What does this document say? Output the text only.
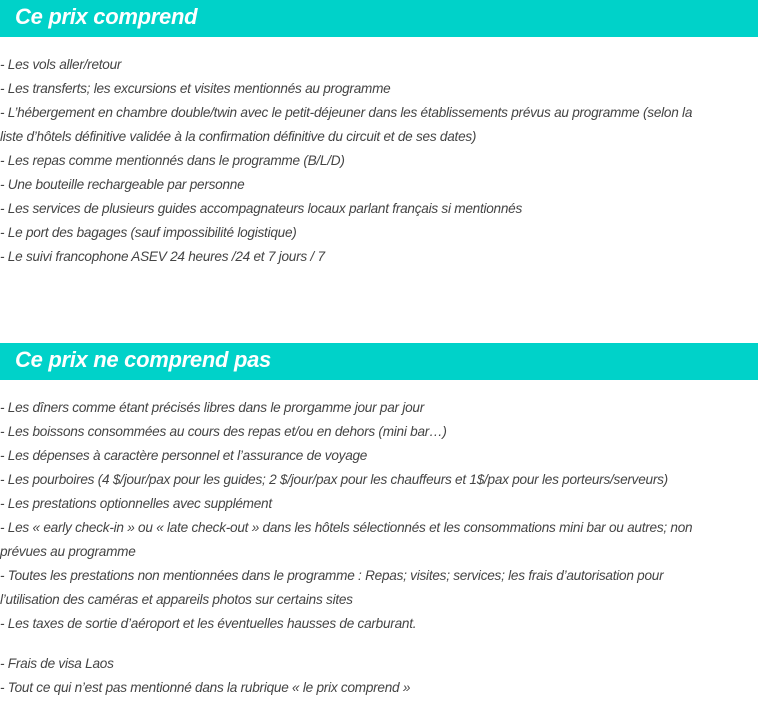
Ce prix comprend
- Les vols aller/retour
- Les transferts; les excursions et visites mentionnés au programme
- L’hébergement en chambre double/twin avec le petit-déjeuner dans les établissements prévus au programme (selon la
liste d’hôtels définitive validée à la confirmation définitive du circuit et de ses dates)
- Les repas comme mentionnés dans le programme (B/L/D)
- Une bouteille rechargeable par personne
- Les services de plusieurs guides accompagnateurs locaux parlant français si mentionnés
- Le port des bagages (sauf impossibilité logistique)
- Le suivi francophone ASEV 24 heures /24 et 7 jours / 7
Ce prix ne comprend pas
- Les dîners comme étant précisés libres dans le prorgamme jour par jour
- Les boissons consommées au cours des repas et/ou en dehors (mini bar…)
- Les dépenses à caractère personnel et l’assurance de voyage
- Les pourboires (4 $/jour/pax pour les guides; 2 $/jour/pax pour les chauffeurs et 1$/pax pour les porteurs/serveurs)
- Les prestations optionnelles avec supplément
- Les « early check-in » ou « late check-out » dans les hôtels sélectionnés et les consommations mini bar ou autres; non
prévues au programme
- Toutes les prestations non mentionnées dans le programme : Repas; visites; services; les frais d’autorisation pour
l’utilisation des caméras et appareils photos sur certains sites
- Les taxes de sortie d’aéroport et les éventuelles hausses de carburant.
- Frais de visa Laos
- Tout ce qui n’est pas mentionné dans la rubrique « le prix comprend »
